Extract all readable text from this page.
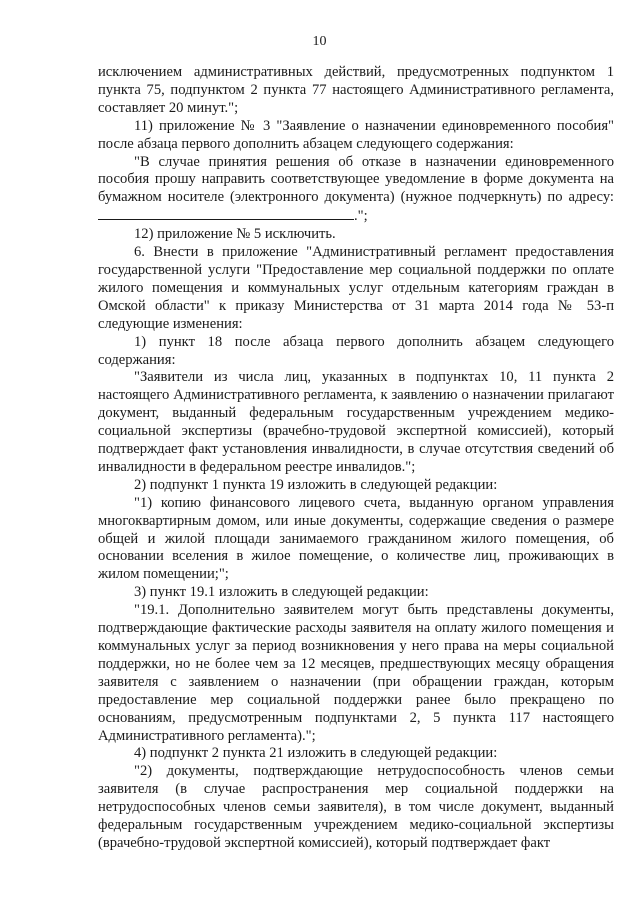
10

исключением административных действий, предусмотренных подпунктом 1 пункта 75, подпунктом 2 пункта 77 настоящего Административного регламента, составляет 20 минут.";

11) приложение № 3 "Заявление о назначении единовременного пособия" после абзаца первого дополнить абзацем следующего содержания:

"В случае принятия решения об отказе в назначении единовременного пособия прошу направить соответствующее уведомление в форме документа на бумажном носителе (электронного документа) (нужное подчеркнуть) по адресу: .";

12) приложение № 5 исключить.

6. Внести в приложение "Административный регламент предоставления государственной услуги "Предоставление мер социальной поддержки по оплате жилого помещения и коммунальных услуг отдельным категориям граждан в Омской области" к приказу Министерства от 31 марта 2014 года № 53-п следующие изменения:

1) пункт 18 после абзаца первого дополнить абзацем следующего содержания:

"Заявители из числа лиц, указанных в подпунктах 10, 11 пункта 2 настоящего Административного регламента, к заявлению о назначении прилагают документ, выданный федеральным государственным учреждением медико-социальной экспертизы (врачебно-трудовой экспертной комиссией), который подтверждает факт установления инвалидности, в случае отсутствия сведений об инвалидности в федеральном реестре инвалидов.";

2) подпункт 1 пункта 19 изложить в следующей редакции:

"1) копию финансового лицевого счета, выданную органом управления многоквартирным домом, или иные документы, содержащие сведения о размере общей и жилой площади занимаемого гражданином жилого помещения, об основании вселения в жилое помещение, о количестве лиц, проживающих в жилом помещении;";

3) пункт 19.1 изложить в следующей редакции:

"19.1. Дополнительно заявителем могут быть представлены документы, подтверждающие фактические расходы заявителя на оплату жилого помещения и коммунальных услуг за период возникновения у него права на меры социальной поддержки, но не более чем за 12 месяцев, предшествующих месяцу обращения заявителя с заявлением о назначении (при обращении граждан, которым предоставление мер социальной поддержки ранее было прекращено по основаниям, предусмотренным подпунктами 2, 5 пункта 117 настоящего Административного регламента).";

4) подпункт 2 пункта 21 изложить в следующей редакции:

"2) документы, подтверждающие нетрудоспособность членов семьи заявителя (в случае распространения мер социальной поддержки на нетрудоспособных членов семьи заявителя), в том числе документ, выданный федеральным государственным учреждением медико-социальной экспертизы (врачебно-трудовой экспертной комиссией), который подтверждает факт
